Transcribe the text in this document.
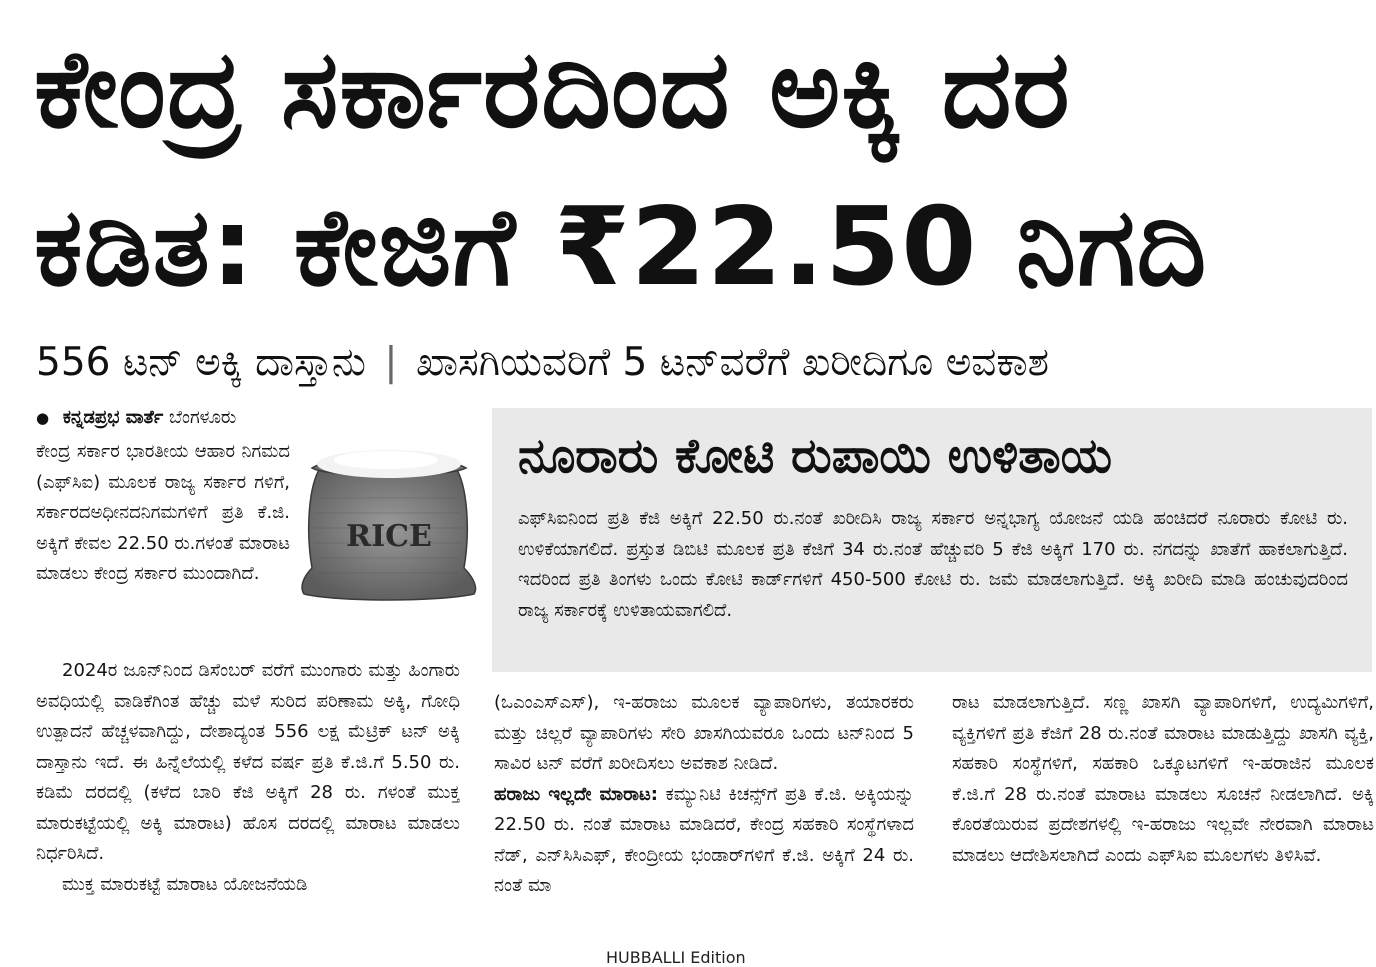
ಕೇಂದ್ರ ಸರ್ಕಾರದಿಂದ ಅಕ್ಕಿ ದರ
ಕಡಿತ: ಕೇಜಿಗೆ ₹22.50 ನಿಗದಿ
556 ಟನ್ ಅಕ್ಕಿ ದಾಸ್ತಾನು | ಖಾಸಗಿಯವರಿಗೆ 5 ಟನ್‌ವರೆಗೆ ಖರೀದಿಗೂ ಅವಕಾಶ
● ಕನ್ನಡಪ್ರಭ ವಾರ್ತೆ ಬೆಂಗಳೂರು

ಕೇಂದ್ರ ಸರ್ಕಾರ ಭಾರತೀಯ ಆಹಾರ ನಿಗಮದ (ಎಫ್‌ಸಿಐ) ಮೂಲಕ ರಾಜ್ಯ ಸರ್ಕಾರ ಗಳಿಗೆ, ಸರ್ಕಾರದಅಧೀನದನಿಗಮಗಳಿಗೆ ಪ್ರತಿ ಕೆ.ಜಿ. ಅಕ್ಕಿಗೆ ಕೇವಲ 22.50 ರು.ಗಳಂತೆ ಮಾರಾಟ ಮಾಡಲು ಕೇಂದ್ರ ಸರ್ಕಾರ ಮುಂದಾಗಿದೆ.

RICE

2024ರ ಜೂನ್‌ನಿಂದ ಡಿಸೆಂಬರ್ ವರೆಗೆ ಮುಂಗಾರು ಮತ್ತು ಹಿಂಗಾರು ಅವಧಿಯಲ್ಲಿ ವಾಡಿಕೆಗಿಂತ ಹೆಚ್ಚು ಮಳೆ ಸುರಿದ ಪರಿಣಾಮ ಅಕ್ಕಿ, ಗೋಧಿ ಉತ್ಪಾದನೆ ಹೆಚ್ಚಳವಾಗಿದ್ದು, ದೇಶಾದ್ಯಂತ 556 ಲಕ್ಷ ಮೆಟ್ರಿಕ್ ಟನ್ ಅಕ್ಕಿ ದಾಸ್ತಾನು ಇದೆ. ಈ ಹಿನ್ನೆಲೆಯಲ್ಲಿ ಕಳೆದ ವರ್ಷ ಪ್ರತಿ ಕೆ.ಜಿ.ಗೆ 5.50 ರು. ಕಡಿಮೆ ದರದಲ್ಲಿ (ಕಳೆದ ಬಾರಿ ಕೆಜಿ ಅಕ್ಕಿಗೆ 28 ರು. ಗಳಂತೆ ಮುಕ್ತ ಮಾರುಕಟ್ಟೆಯಲ್ಲಿ ಅಕ್ಕಿ ಮಾರಾಟ) ಹೊಸ ದರದಲ್ಲಿ ಮಾರಾಟ ಮಾಡಲು ನಿರ್ಧರಿಸಿದೆ.

ಮುಕ್ತ ಮಾರುಕಟ್ಟೆ ಮಾರಾಟ ಯೋಜನೆಯಡಿ

ನೂರಾರು ಕೋಟಿ ರುಪಾಯಿ ಉಳಿತಾಯ
ಎಫ್‌ಸಿಐನಿಂದ ಪ್ರತಿ ಕೆಜಿ ಅಕ್ಕಿಗೆ 22.50 ರು.ನಂತೆ ಖರೀದಿಸಿ ರಾಜ್ಯ ಸರ್ಕಾರ ಅನ್ನಭಾಗ್ಯ ಯೋಜನೆ ಯಡಿ ಹಂಚಿದರೆ ನೂರಾರು ಕೋಟಿ ರು. ಉಳಿಕೆಯಾಗಲಿದೆ. ಪ್ರಸ್ತುತ ಡಿಬಿಟಿ ಮೂಲಕ ಪ್ರತಿ ಕೆಜಿಗೆ 34 ರು.ನಂತೆ ಹೆಚ್ಚುವರಿ 5 ಕೆಜಿ ಅಕ್ಕಿಗೆ 170 ರು. ನಗದನ್ನು ಖಾತೆಗೆ ಹಾಕಲಾಗುತ್ತಿದೆ. ಇದರಿಂದ ಪ್ರತಿ ತಿಂಗಳು ಒಂದು ಕೋಟಿ ಕಾರ್ಡ್‌ಗಳಿಗೆ 450-500 ಕೋಟಿ ರು. ಜಮೆ ಮಾಡಲಾಗುತ್ತಿದೆ. ಅಕ್ಕಿ ಖರೀದಿ ಮಾಡಿ ಹಂಚುವುದರಿಂದ ರಾಜ್ಯ ಸರ್ಕಾರಕ್ಕೆ ಉಳಿತಾಯವಾಗಲಿದೆ.

(ಒಎಂಎಸ್‌ಎಸ್), ಇ-ಹರಾಜು ಮೂಲಕ ವ್ಯಾಪಾರಿಗಳು, ತಯಾರಕರು ಮತ್ತು ಚಿಲ್ಲರೆ ವ್ಯಾಪಾರಿಗಳು ಸೇರಿ ಖಾಸಗಿಯವರೂ ಒಂದು ಟನ್‌ನಿಂದ 5 ಸಾವಿರ ಟನ್ ವರೆಗೆ ಖರೀದಿಸಲು ಅವಕಾಶ ನೀಡಿದೆ.

ಹರಾಜು ಇಲ್ಲದೇ ಮಾರಾಟ: ಕಮ್ಯುನಿಟಿ ಕಿಚನ್ಸ್‌ಗೆ ಪ್ರತಿ ಕೆ.ಜಿ. ಅಕ್ಕಿಯನ್ನು 22.50 ರು. ನಂತೆ ಮಾರಾಟ ಮಾಡಿದರೆ, ಕೇಂದ್ರ ಸಹಕಾರಿ ಸಂಸ್ಥೆಗಳಾದ ನೆಡ್, ಎನ್‌ಸಿಸಿಎಫ್, ಕೇಂದ್ರೀಯ ಭಂಡಾರ್‌ಗಳಿಗೆ ಕೆ.ಜಿ. ಅಕ್ಕಿಗೆ 24 ರು. ನಂತೆ ಮಾ

ರಾಟ ಮಾಡಲಾಗುತ್ತಿದೆ. ಸಣ್ಣ ಖಾಸಗಿ ವ್ಯಾಪಾರಿಗಳಿಗೆ, ಉದ್ಯಮಿಗಳಿಗೆ, ವ್ಯಕ್ತಿಗಳಿಗೆ ಪ್ರತಿ ಕೆಜಿಗೆ 28 ರು.ನಂತೆ ಮಾರಾಟ ಮಾಡುತ್ತಿದ್ದು ಖಾಸಗಿ ವ್ಯಕ್ತಿ, ಸಹಕಾರಿ ಸಂಸ್ಥೆಗಳಿಗೆ, ಸಹಕಾರಿ ಒಕ್ಕೂಟಗಳಿಗೆ ಇ-ಹರಾಜಿನ ಮೂಲಕ ಕೆ.ಜಿ.ಗೆ 28 ರು.ನಂತೆ ಮಾರಾಟ ಮಾಡಲು ಸೂಚನೆ ನೀಡಲಾಗಿದೆ. ಅಕ್ಕಿ ಕೊರತೆಯಿರುವ ಪ್ರದೇಶಗಳಲ್ಲಿ ಇ-ಹರಾಜು ಇಲ್ಲವೇ ನೇರವಾಗಿ ಮಾರಾಟ ಮಾಡಲು ಆದೇಶಿಸಲಾಗಿದೆ ಎಂದು ಎಫ್‌ಸಿಐ ಮೂಲಗಳು ತಿಳಿಸಿವೆ.

HUBBALLI Edition
